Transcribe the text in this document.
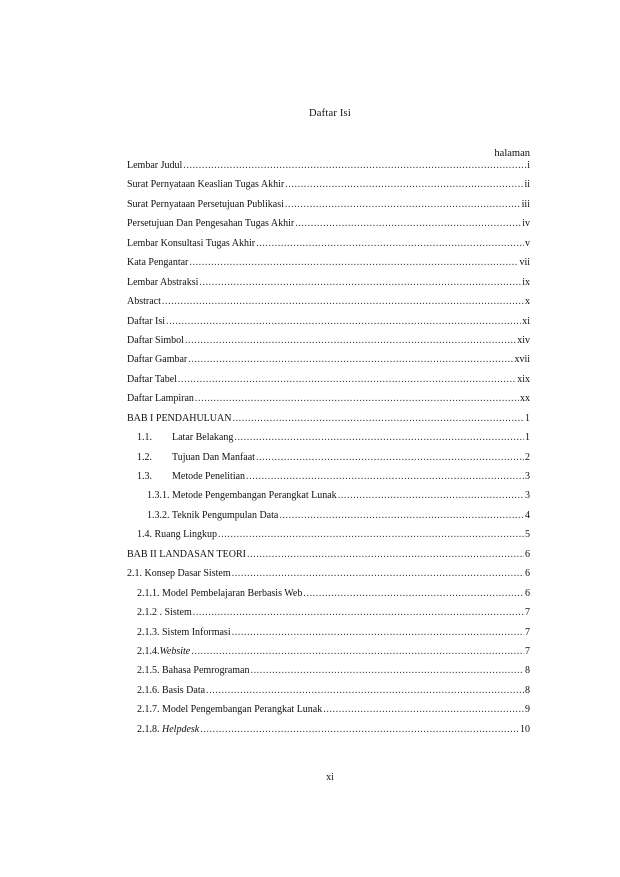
Daftar Isi
halaman
Lembar Judul .....	i
Surat Pernyataan Keaslian Tugas Akhir .....	ii
Surat Pernyataan Persetujuan Publikasi .....	iii
Persetujuan Dan Pengesahan Tugas Akhir .....	iv
Lembar Konsultasi Tugas Akhir .....	v
Kata Pengantar .....	vii
Lembar Abstraksi .....	ix
Abstract .....	x
Daftar Isi .....	xi
Daftar Simbol .....	xiv
Daftar Gambar .....	xvii
Daftar Tabel .....	xix
Daftar Lampiran .....	xx
BAB I PENDAHULUAN .....	1
1.1. Latar Belakang .....	1
1.2. Tujuan Dan Manfaat .....	2
1.3. Metode Penelitian .....	3
1.3.1. Metode Pengembangan Perangkat Lunak .....	3
1.3.2. Teknik Pengumpulan Data .....	4
1.4. Ruang Lingkup .....	5
BAB II LANDASAN TEORI .....	6
2.1. Konsep Dasar Sistem .....	6
2.1.1. Model Pembelajaran Berbasis Web .....	6
2.1.2 . Sistem .....	7
2.1.3. Sistem Informasi .....	7
2.1.4.Website .....	7
2.1.5. Bahasa Pemrograman .....	8
2.1.6. Basis Data .....	8
2.1.7. Model Pengembangan Perangkat Lunak .....	9
2.1.8. Helpdesk .....	10
xi
